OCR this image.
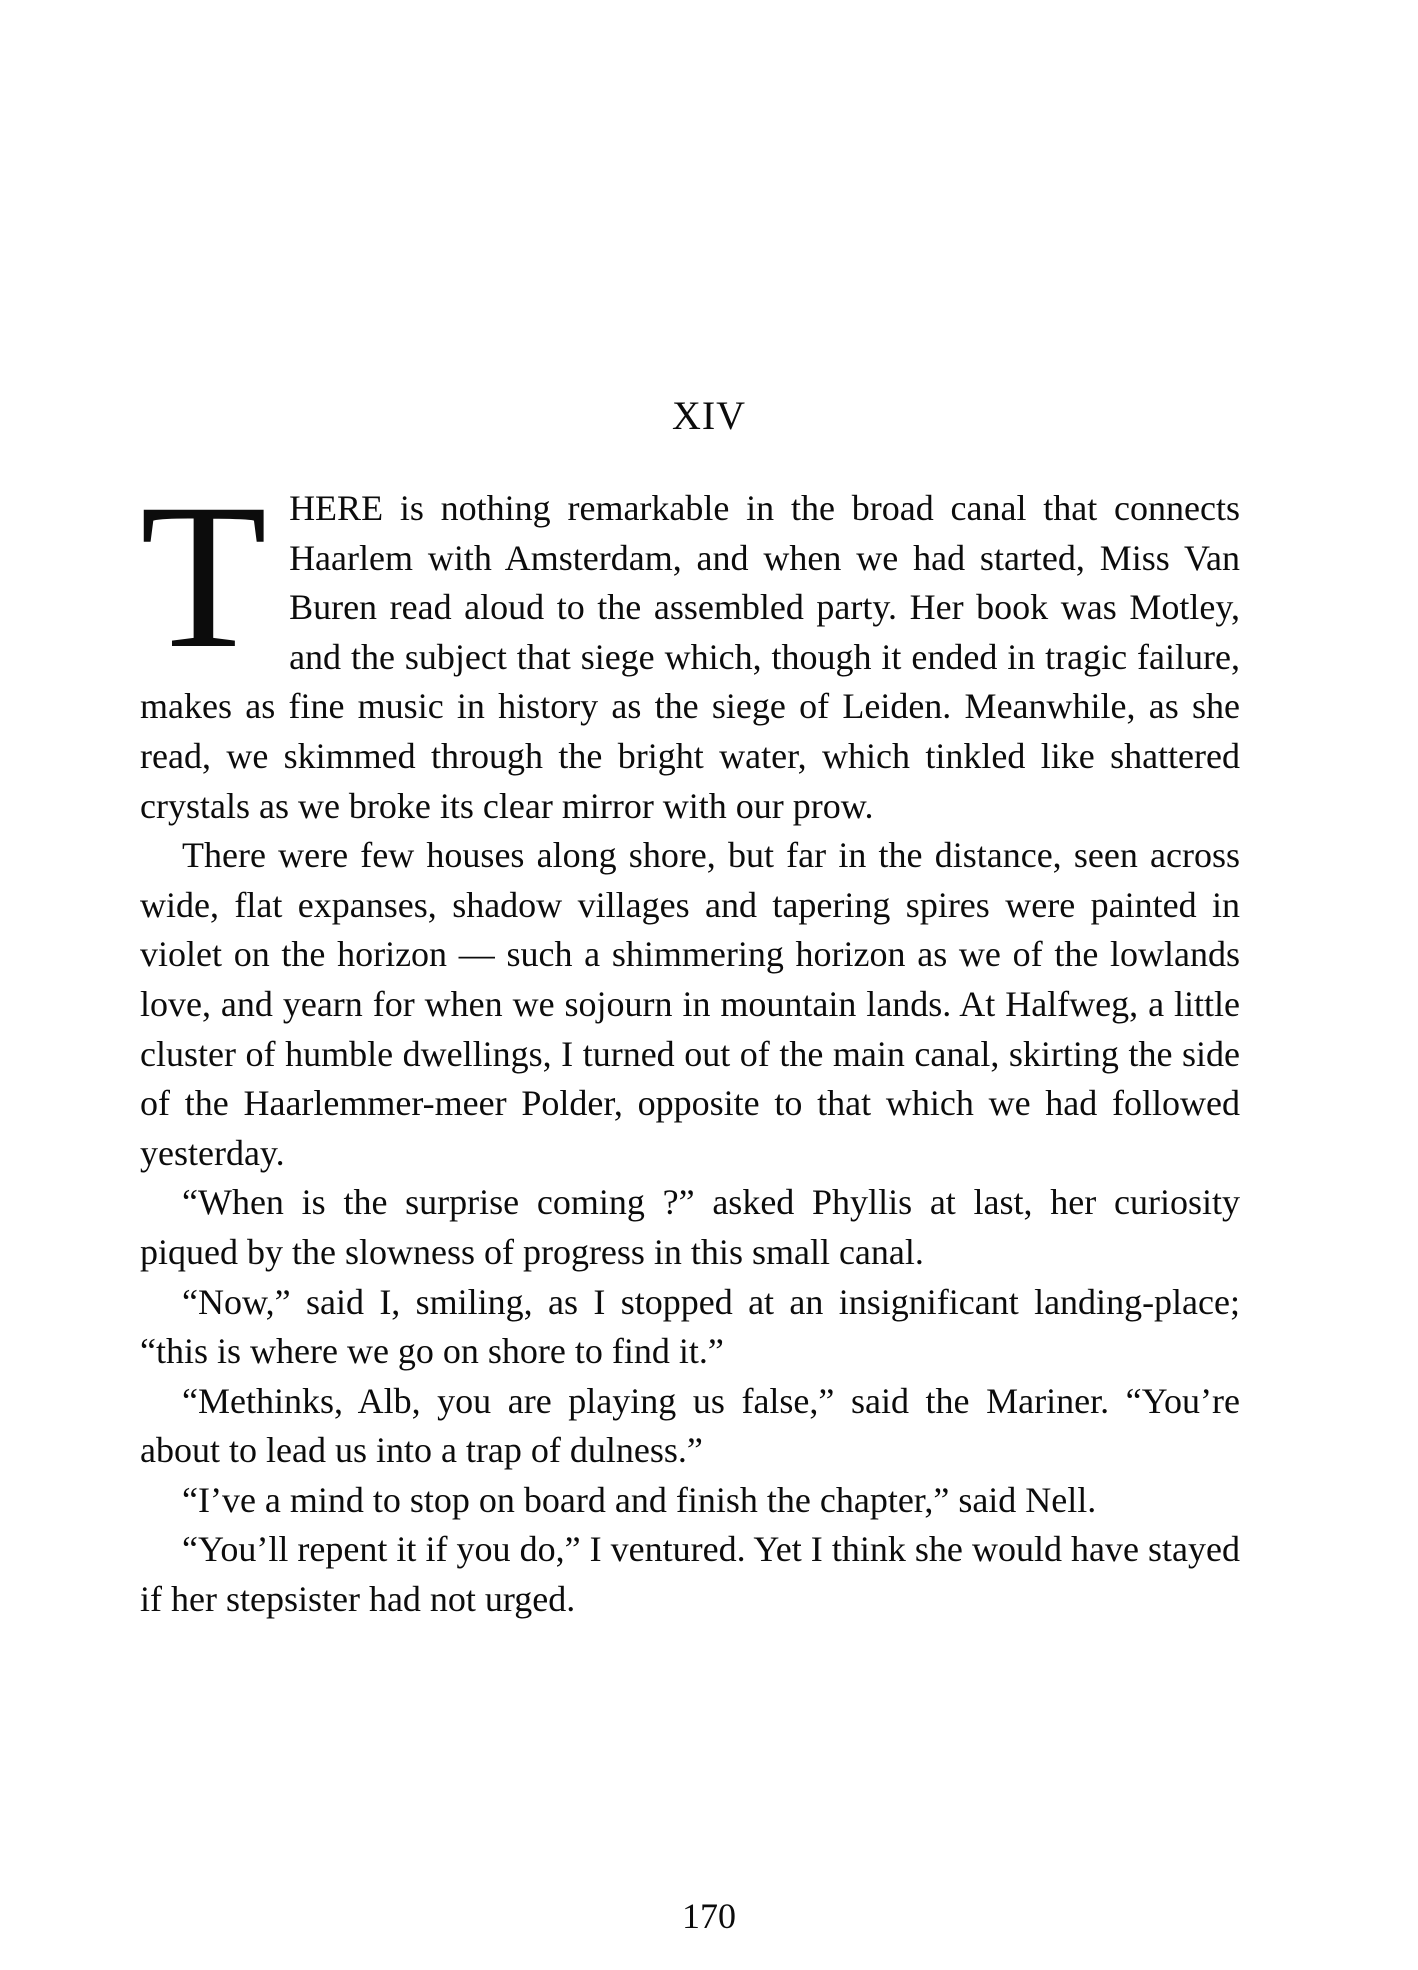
XIV

THERE is nothing remarkable in the broad canal that connects Haarlem with Amsterdam, and when we had started, Miss Van Buren read aloud to the assembled party. Her book was Motley, and the subject that siege which, though it ended in tragic failure, makes as fine music in history as the siege of Leiden. Meanwhile, as she read, we skimmed through the bright water, which tinkled like shattered crystals as we broke its clear mirror with our prow.

There were few houses along shore, but far in the distance, seen across wide, flat expanses, shadow villages and tapering spires were painted in violet on the horizon — such a shimmering horizon as we of the lowlands love, and yearn for when we sojourn in mountain lands. At Halfweg, a little cluster of humble dwellings, I turned out of the main canal, skirting the side of the Haarlemmer-meer Polder, opposite to that which we had followed yesterday.

“When is the surprise coming ?” asked Phyllis at last, her curiosity piqued by the slowness of progress in this small canal.

“Now,” said I, smiling, as I stopped at an insignificant landing-place; “this is where we go on shore to find it.”

“Methinks, Alb, you are playing us false,” said the Mariner. “You’re about to lead us into a trap of dulness.”

“I’ve a mind to stop on board and finish the chapter,” said Nell.

“You’ll repent it if you do,” I ventured. Yet I think she would have stayed if her stepsister had not urged.

170
